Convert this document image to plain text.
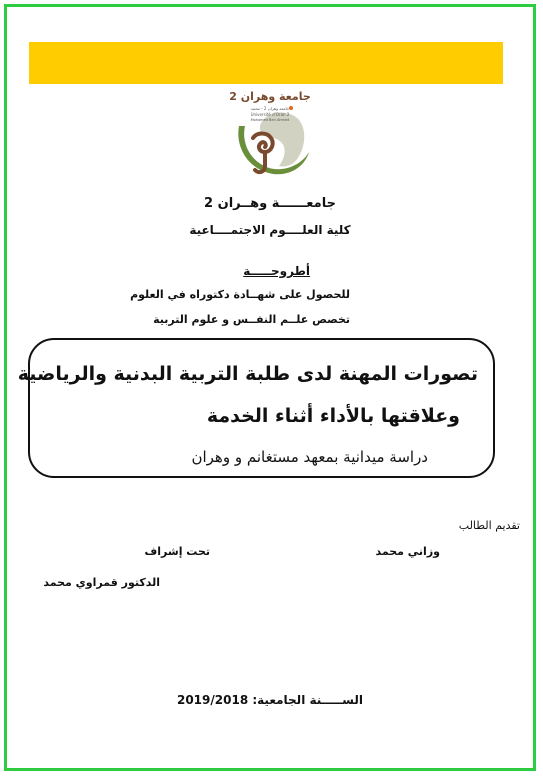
جامعة وهران 2
جامعة وهران 2 - محمد
Université d'Oran 2
Mohamed Ben Ahmed
جامعــــــة وهــران 2
كلية العلــــوم الاجتمــــاعية
أطروحـــــة
للحصول على شهــادة دكتوراه في العلوم
تخصص علــم النفــس و علوم التربية
تصورات المهنة لدى طلبة التربية البدنية والرياضية
وعلاقتها بالأداء أثناء الخدمة
دراسة ميدانية بمعهد مستغانم و وهران
تقديم الطالب
وزاني محمد
تحت إشراف
الدكتور قمراوي محمد
الســـــنة الجامعية: 2019/2018
